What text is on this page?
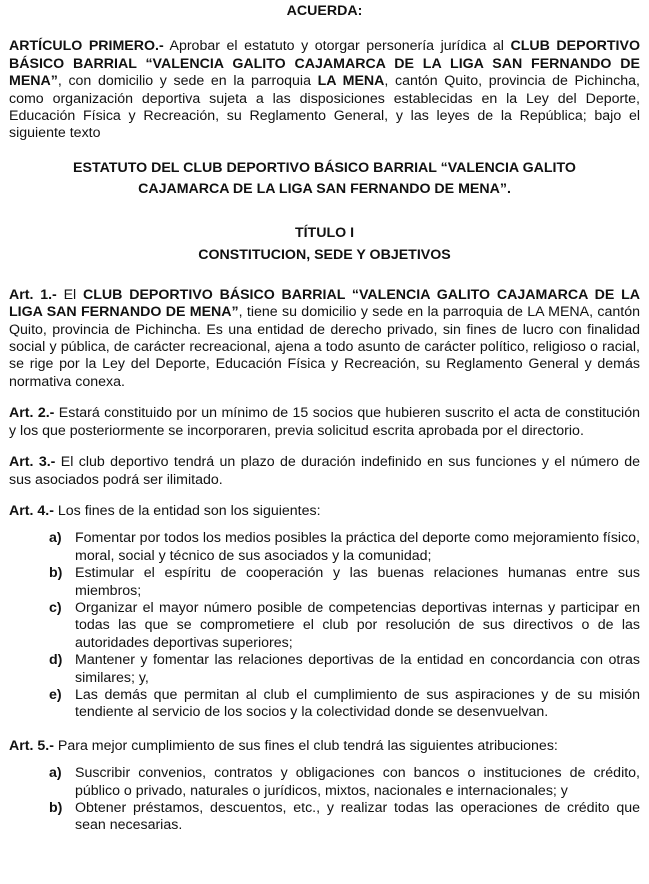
ACUERDA:

ARTÍCULO PRIMERO.- Aprobar el estatuto y otorgar personería jurídica al CLUB DEPORTIVO BÁSICO BARRIAL “VALENCIA GALITO CAJAMARCA DE LA LIGA SAN FERNANDO DE MENA”, con domicilio y sede en la parroquia LA MENA, cantón Quito, provincia de Pichincha, como organización deportiva sujeta a las disposiciones establecidas en la Ley del Deporte, Educación Física y Recreación, su Reglamento General, y las leyes de la República; bajo el siguiente texto

ESTATUTO DEL CLUB DEPORTIVO BÁSICO BARRIAL “VALENCIA GALITO
CAJAMARCA DE LA LIGA SAN FERNANDO DE MENA”.
TÍTULO I
CONSTITUCION, SEDE Y OBJETIVOS

Art. 1.- El CLUB DEPORTIVO BÁSICO BARRIAL “VALENCIA GALITO CAJAMARCA DE LA LIGA SAN FERNANDO DE MENA”, tiene su domicilio y sede en la parroquia de LA MENA, cantón Quito, provincia de Pichincha. Es una entidad de derecho privado, sin fines de lucro con finalidad social y pública, de carácter recreacional, ajena a todo asunto de carácter político, religioso o racial, se rige por la Ley del Deporte, Educación Física y Recreación, su Reglamento General y demás normativa conexa.

Art. 2.- Estará constituido por un mínimo de 15 socios que hubieren suscrito el acta de constitución y los que posteriormente se incorporaren, previa solicitud escrita aprobada por el directorio.

Art. 3.- El club deportivo tendrá un plazo de duración indefinido en sus funciones y el número de sus asociados podrá ser ilimitado.

Art. 4.- Los fines de la entidad son los siguientes:

a) Fomentar por todos los medios posibles la práctica del deporte como mejoramiento físico, moral, social y técnico de sus asociados y la comunidad;
b) Estimular el espíritu de cooperación y las buenas relaciones humanas entre sus miembros;
c) Organizar el mayor número posible de competencias deportivas internas y participar en todas las que se comprometiere el club por resolución de sus directivos o de las autoridades deportivas superiores;
d) Mantener y fomentar las relaciones deportivas de la entidad en concordancia con otras similares; y,
e) Las demás que permitan al club el cumplimiento de sus aspiraciones y de su misión tendiente al servicio de los socios y la colectividad donde se desenvuelvan.

Art. 5.- Para mejor cumplimiento de sus fines el club tendrá las siguientes atribuciones:

a) Suscribir convenios, contratos y obligaciones con bancos o instituciones de crédito, público o privado, naturales o jurídicos, mixtos, nacionales e internacionales; y
b) Obtener préstamos, descuentos, etc., y realizar todas las operaciones de crédito que sean necesarias.
